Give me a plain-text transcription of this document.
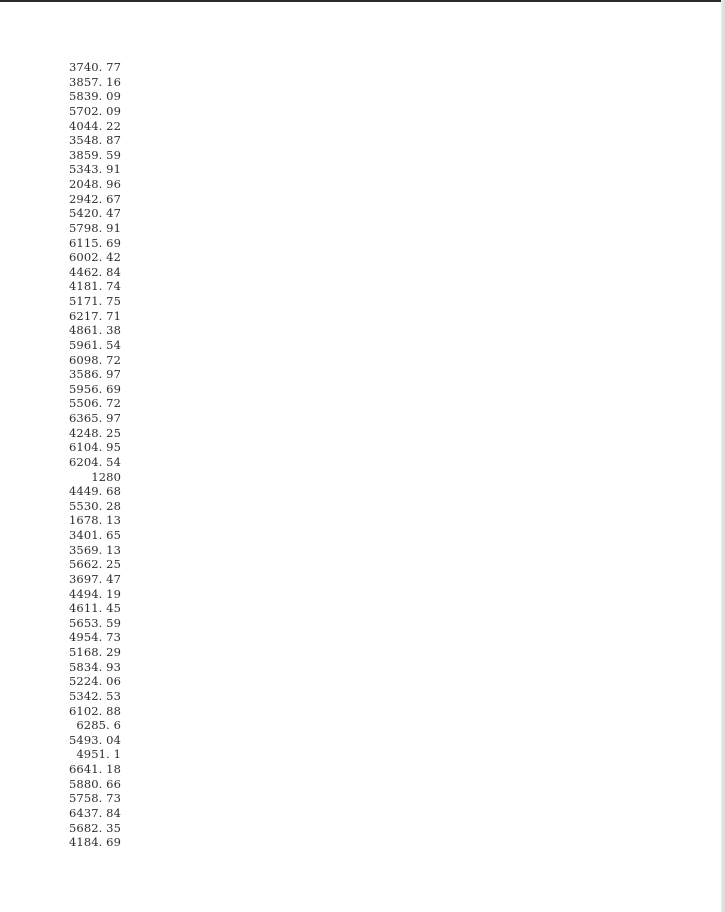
3740. 77
3857. 16
5839. 09
5702. 09
4044. 22
3548. 87
3859. 59
5343. 91
2048. 96
2942. 67
5420. 47
5798. 91
6115. 69
6002. 42
4462. 84
4181. 74
5171. 75
6217. 71
4861. 38
5961. 54
6098. 72
3586. 97
5956. 69
5506. 72
6365. 97
4248. 25
6104. 95
6204. 54
1280
4449. 68
5530. 28
1678. 13
3401. 65
3569. 13
5662. 25
3697. 47
4494. 19
4611. 45
5653. 59
4954. 73
5168. 29
5834. 93
5224. 06
5342. 53
6102. 88
6285. 6
5493. 04
4951. 1
6641. 18
5880. 66
5758. 73
6437. 84
5682. 35
4184. 69
